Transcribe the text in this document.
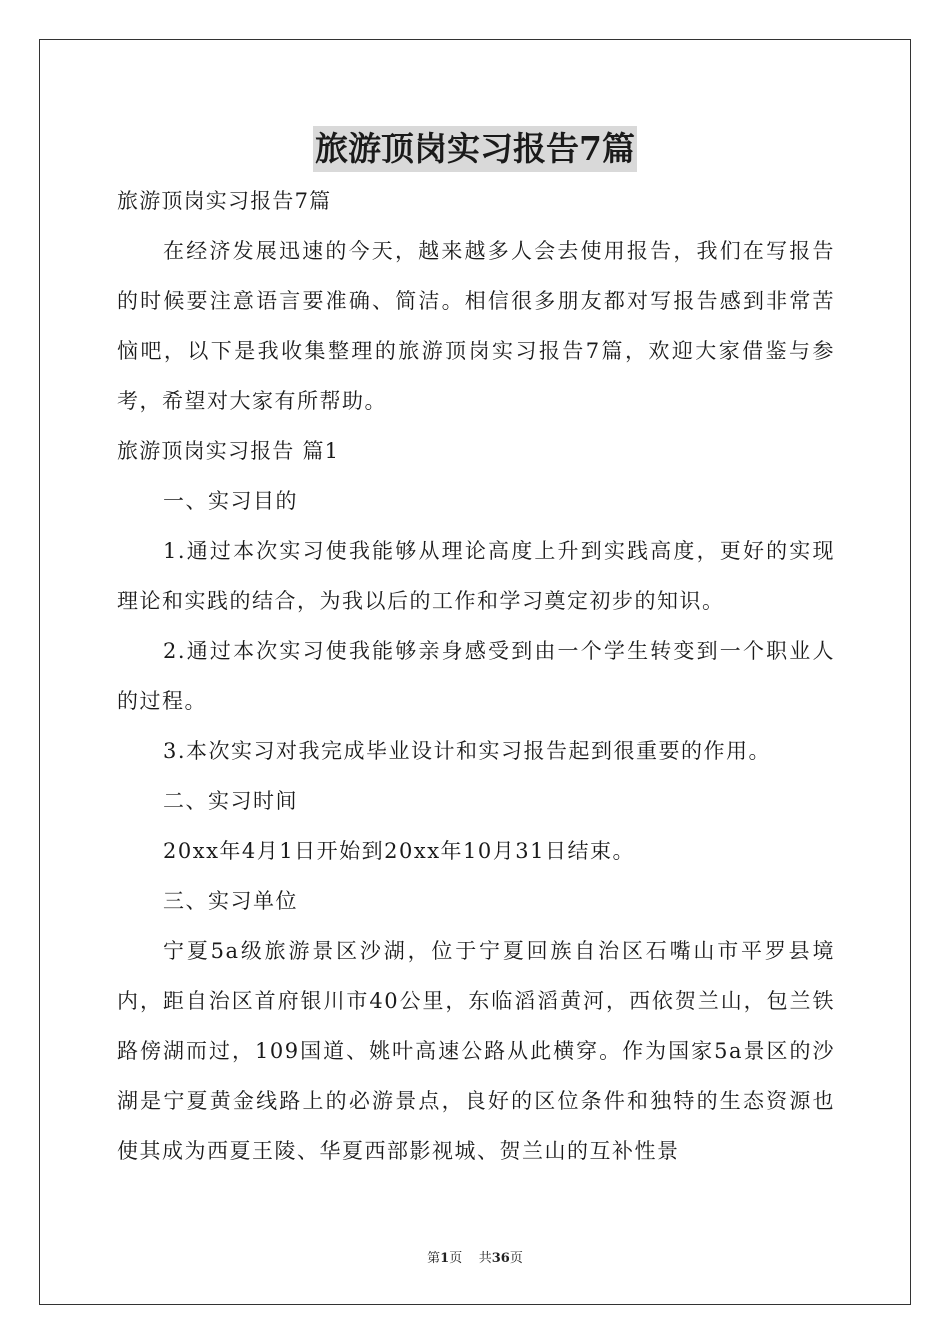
旅游顶岗实习报告7篇

旅游顶岗实习报告7篇

在经济发展迅速的今天，越来越多人会去使用报告，我们在写报告的时候要注意语言要准确、简洁。相信很多朋友都对写报告感到非常苦恼吧，以下是我收集整理的旅游顶岗实习报告7篇，欢迎大家借鉴与参考，希望对大家有所帮助。

旅游顶岗实习报告 篇1

一、实习目的

1.通过本次实习使我能够从理论高度上升到实践高度，更好的实现理论和实践的结合，为我以后的工作和学习奠定初步的知识。

2.通过本次实习使我能够亲身感受到由一个学生转变到一个职业人的过程。

3.本次实习对我完成毕业设计和实习报告起到很重要的作用。

二、实习时间

20xx年4月1日开始到20xx年10月31日结束。

三、实习单位

宁夏5a级旅游景区沙湖，位于宁夏回族自治区石嘴山市平罗县境内，距自治区首府银川市40公里，东临滔滔黄河，西依贺兰山，包兰铁路傍湖而过，109国道、姚叶高速公路从此横穿。作为国家5a景区的沙湖是宁夏黄金线路上的必游景点，良好的区位条件和独特的生态资源也使其成为西夏王陵、华夏西部影视城、贺兰山的互补性景

第1页 共36页
